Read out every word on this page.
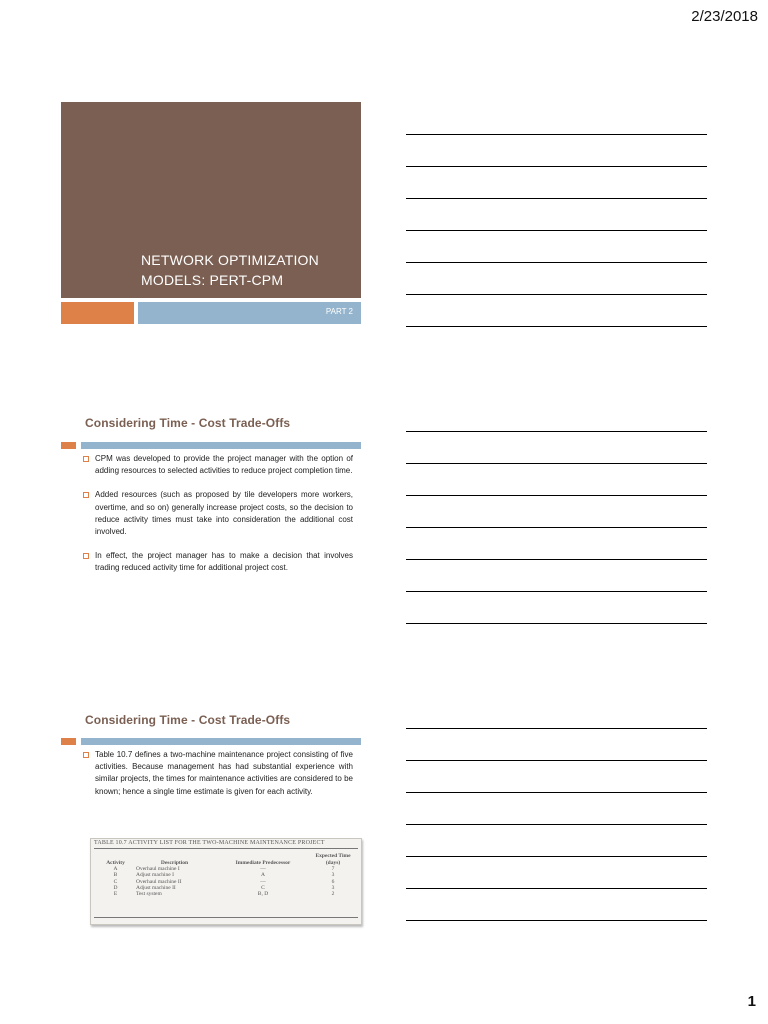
2/23/2018
NETWORK OPTIMIZATION
MODELS: PERT-CPM
PART 2
Considering Time - Cost Trade-Offs
CPM was developed to provide the project manager with the option of adding resources to selected activities to reduce project completion time.
Added resources (such as proposed by tile developers more workers, overtime, and so on) generally increase project costs, so the decision to reduce activity times must take into consideration the additional cost involved.
In effect, the project manager has to make a decision that involves trading reduced activity time for additional project cost.
Considering Time - Cost Trade-Offs
Table 10.7 defines a two-machine maintenance project consisting of five activities. Because management has had substantial experience with similar projects, the times for maintenance activities are considered to be known; hence a single time estimate is given for each activity.
TABLE 10.7 ACTIVITY LIST FOR THE TWO-MACHINE MAINTENANCE PROJECT
Activity	Description	Immediate Predecessor	Expected Time (days)
A	Overhaul machine I	—	7
B	Adjust machine I	A	3
C	Overhaul machine II	—	6
D	Adjust machine II	C	3
E	Test system	B, D	2
1
